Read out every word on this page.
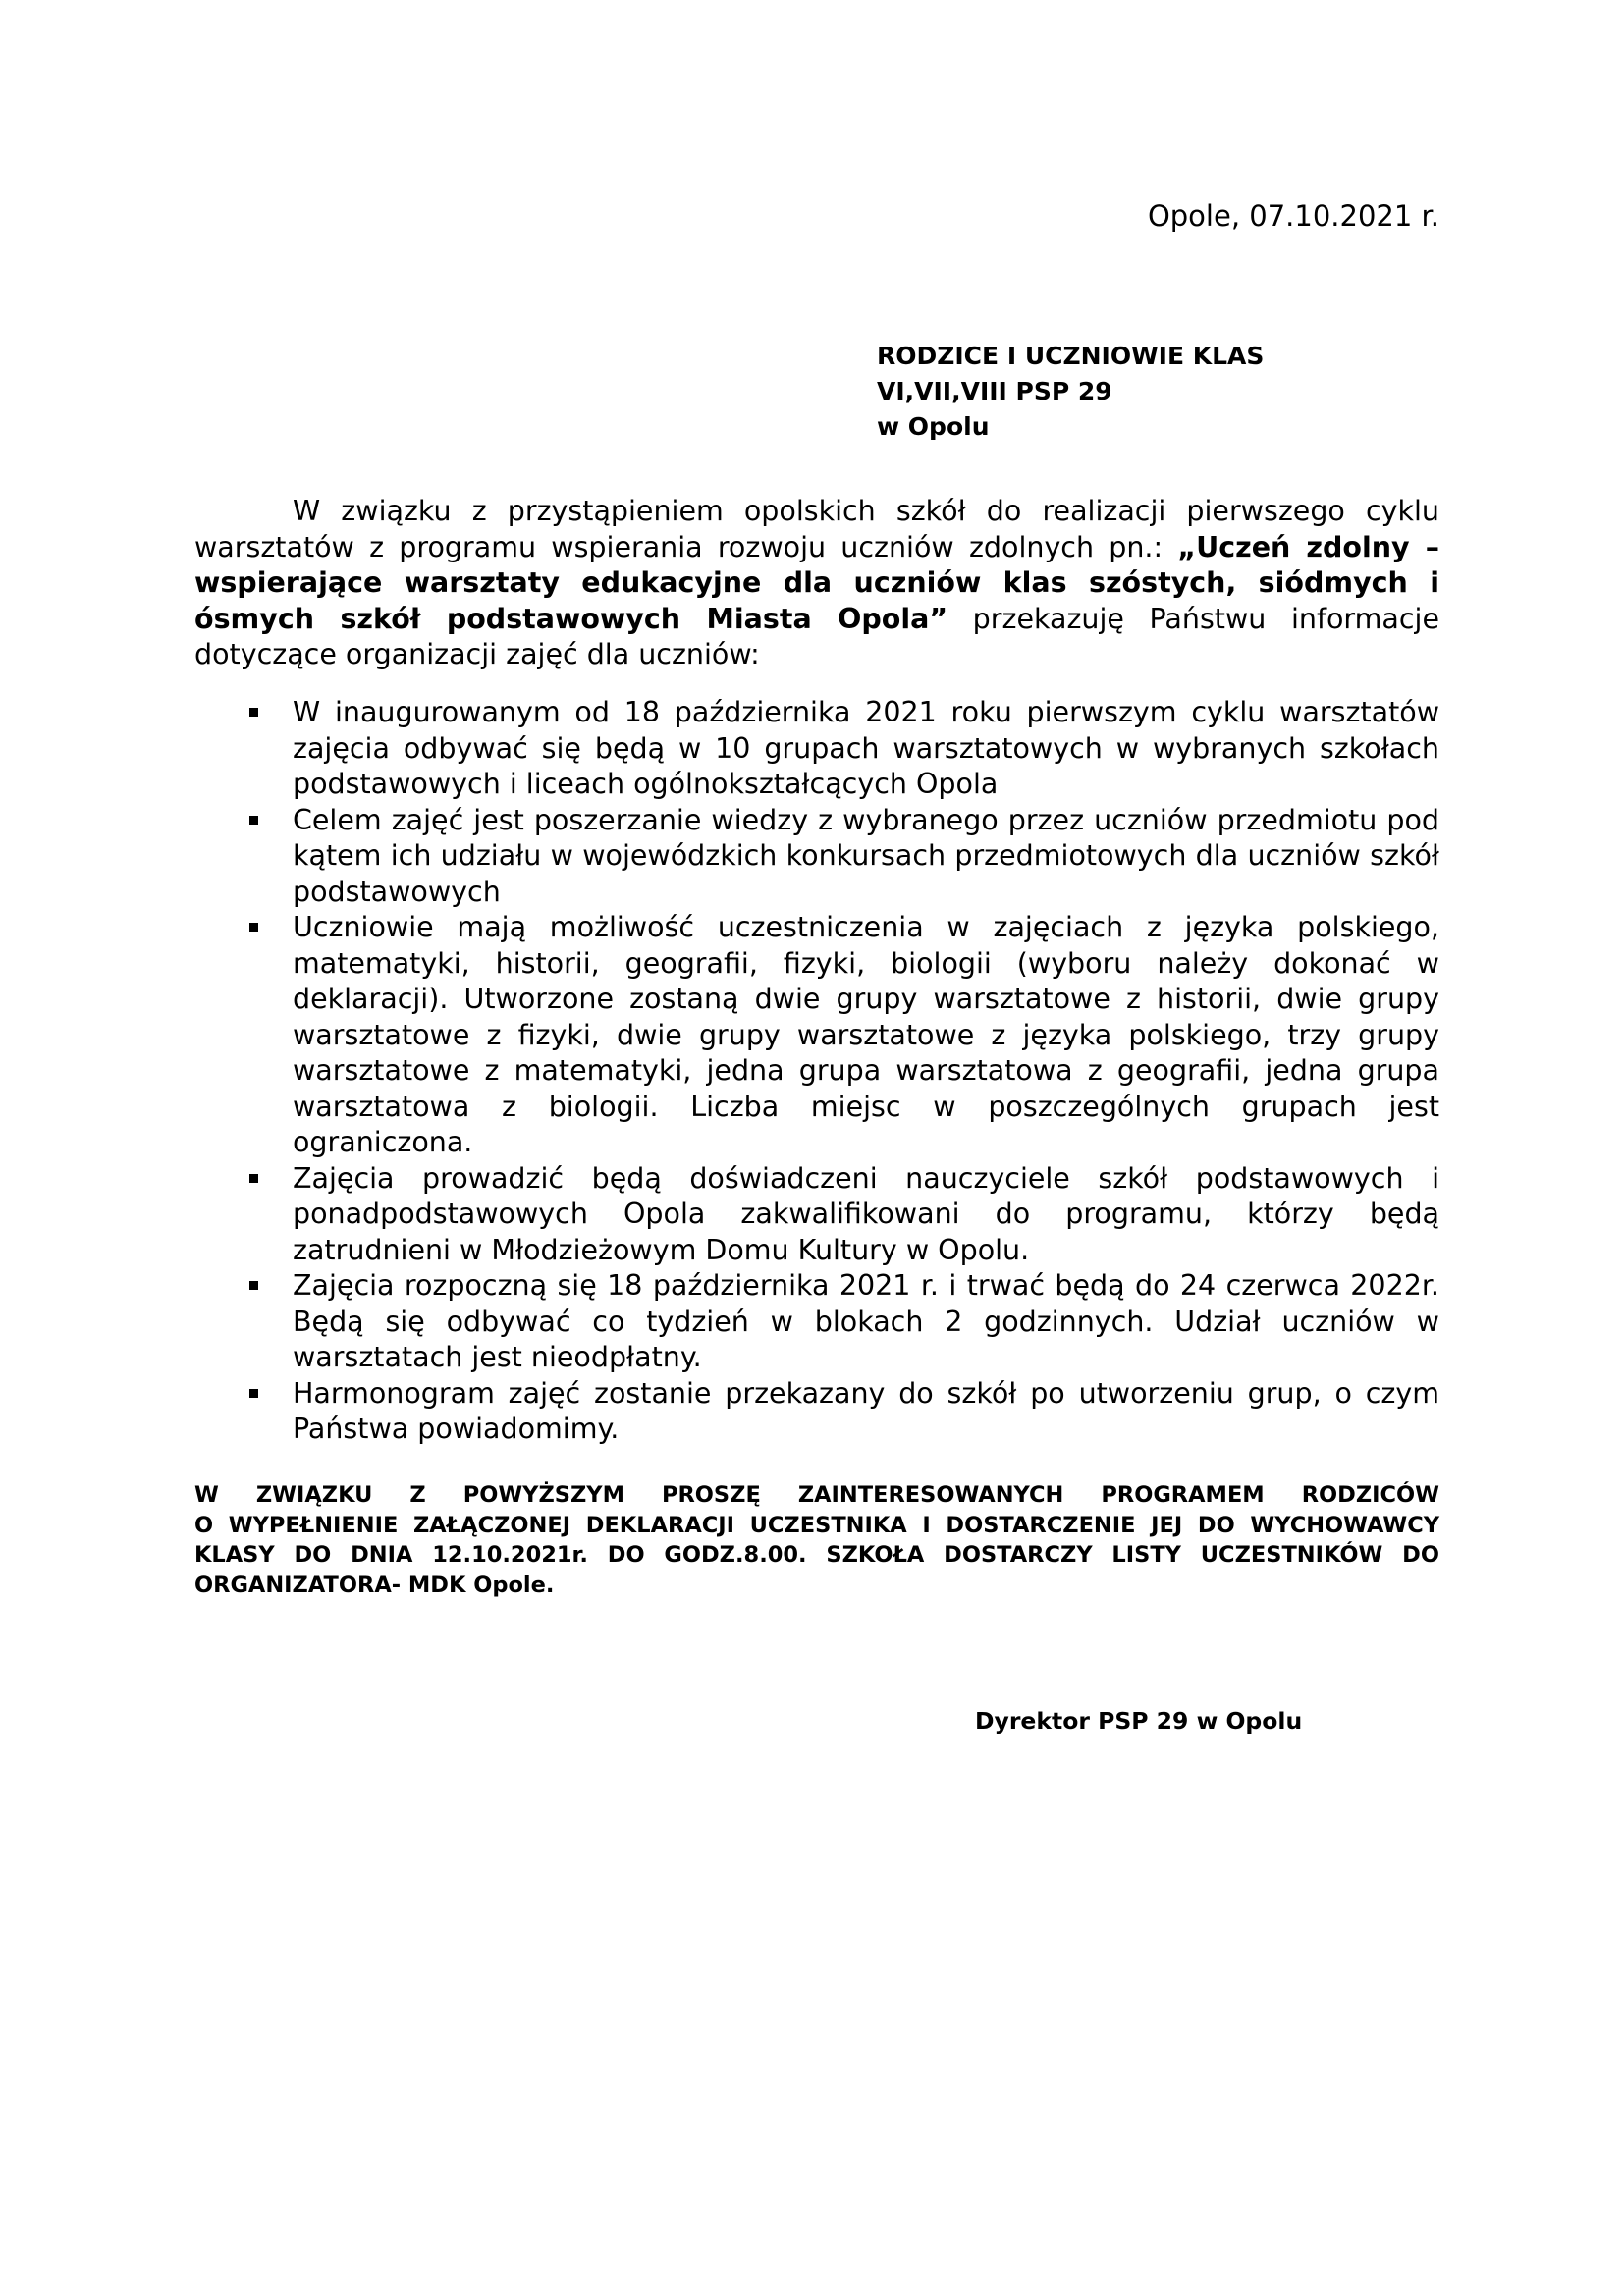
Opole, 07.10.2021 r.
RODZICE I UCZNIOWIE KLAS
VI,VII,VIII PSP 29
w Opolu

W związku z przystąpieniem opolskich szkół do realizacji pierwszego cyklu warsztatów z programu wspierania rozwoju uczniów zdolnych pn.: „Uczeń zdolny – wspierające warsztaty edukacyjne dla uczniów klas szóstych, siódmych i ósmych szkół podstawowych Miasta Opola” przekazuję Państwu informacje dotyczące organizacji zajęć dla uczniów:

W inaugurowanym od 18 października 2021 roku pierwszym cyklu warsztatów zajęcia odbywać się będą w 10 grupach warsztatowych w wybranych szkołach podstawowych i liceach ogólnokształcących Opola
Celem zajęć jest poszerzanie wiedzy z wybranego przez uczniów przedmiotu pod kątem ich udziału w wojewódzkich konkursach przedmiotowych dla uczniów szkół podstawowych
Uczniowie mają możliwość uczestniczenia w zajęciach z języka polskiego, matematyki, historii, geografii, fizyki, biologii (wyboru należy dokonać w deklaracji). Utworzone zostaną dwie grupy warsztatowe z historii, dwie grupy warsztatowe z fizyki, dwie grupy warsztatowe z języka polskiego, trzy grupy warsztatowe z matematyki, jedna grupa warsztatowa z geografii, jedna grupa warsztatowa z biologii. Liczba miejsc w poszczególnych grupach jest ograniczona.
Zajęcia prowadzić będą doświadczeni nauczyciele szkół podstawowych i ponadpodstawowych Opola zakwalifikowani do programu, którzy będą zatrudnieni w Młodzieżowym Domu Kultury w Opolu.
Zajęcia rozpoczną się 18 października 2021 r. i trwać będą do 24 czerwca 2022r. Będą się odbywać co tydzień w blokach 2 godzinnych. Udział uczniów w warsztatach jest nieodpłatny.
Harmonogram zajęć zostanie przekazany do szkół po utworzeniu grup, o czym Państwa powiadomimy.
W ZWIĄZKU Z POWYŻSZYM PROSZĘ ZAINTERESOWANYCH PROGRAMEM RODZICÓW
O WYPEŁNIENIE ZAŁĄCZONEJ DEKLARACJI UCZESTNIKA I DOSTARCZENIE JEJ DO WYCHOWAWCY
KLASY DO DNIA 12.10.2021r. DO GODZ.8.00. SZKOŁA DOSTARCZY LISTY UCZESTNIKÓW DO
ORGANIZATORA- MDK Opole.
Dyrektor PSP 29 w Opolu
